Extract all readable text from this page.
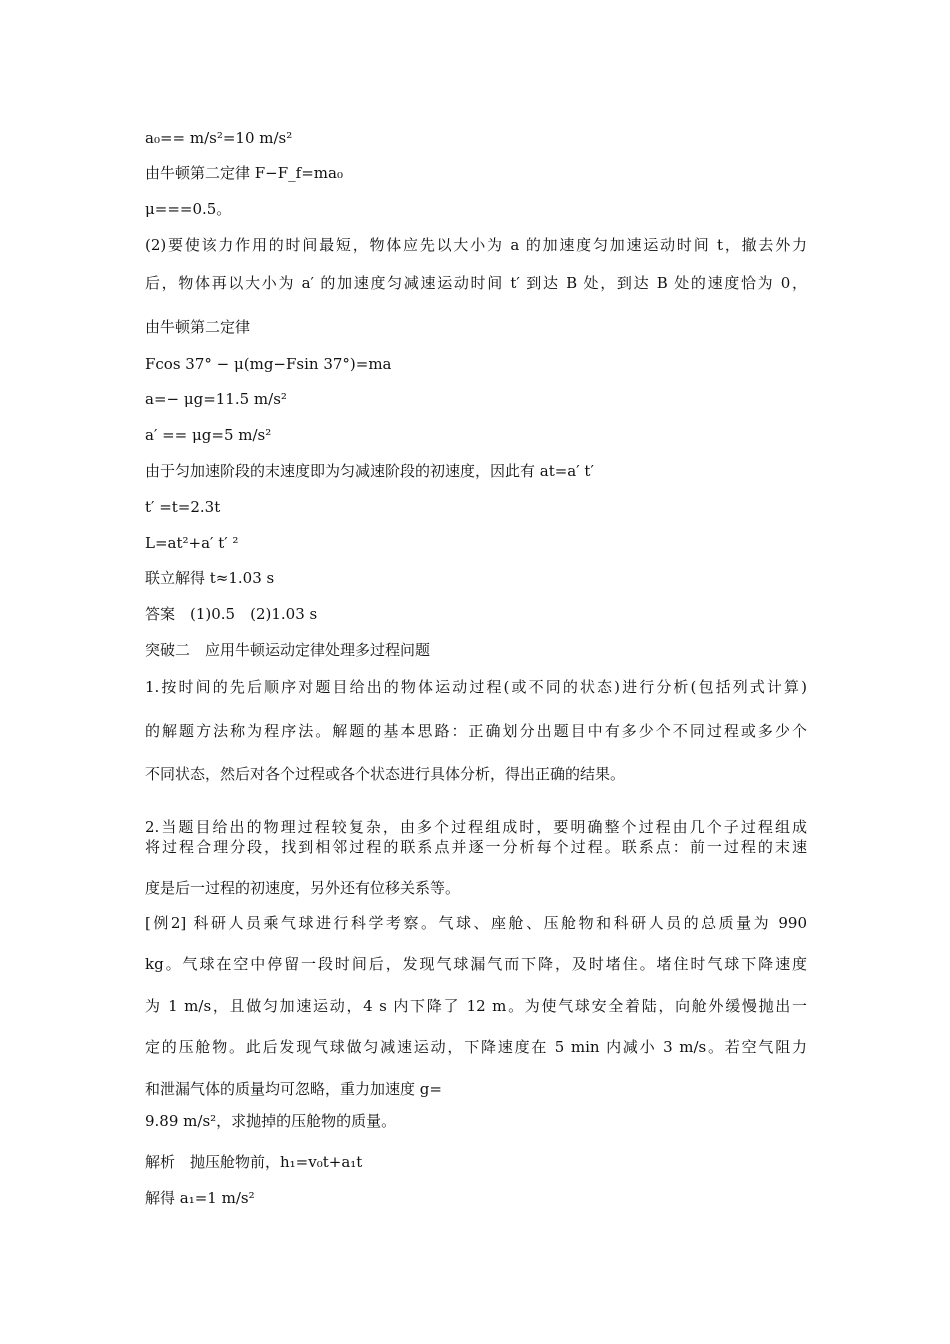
a₀== m/s²=10 m/s²
由牛顿第二定律 F−F_f=ma₀
μ===0.5。
(2)要使该力作用的时间最短，物体应先以大小为 a 的加速度匀加速运动时间 t，撤去外力
后，物体再以大小为 a′ 的加速度匀减速运动时间 t′ 到达 B 处，到达 B 处的速度恰为 0，
由牛顿第二定律
Fcos 37° − μ(mg−Fsin 37°)=ma
a=− μg=11.5 m/s²
a′ == μg=5 m/s²
由于匀加速阶段的末速度即为匀减速阶段的初速度，因此有 at=a′ t′
t′ =t=2.3t
L=at²+a′ t′ ²
联立解得 t≈1.03 s
答案　(1)0.5　(2)1.03 s
突破二　应用牛顿运动定律处理多过程问题
1.按时间的先后顺序对题目给出的物体运动过程(或不同的状态)进行分析(包括列式计算)
的解题方法称为程序法。解题的基本思路：正确划分出题目中有多少个不同过程或多少个
不同状态，然后对各个过程或各个状态进行具体分析，得出正确的结果。
2.当题目给出的物理过程较复杂，由多个过程组成时，要明确整个过程由几个子过程组成
将过程合理分段，找到相邻过程的联系点并逐一分析每个过程。联系点：前一过程的末速
度是后一过程的初速度，另外还有位移关系等。
[例2] 科研人员乘气球进行科学考察。气球、座舱、压舱物和科研人员的总质量为 990
kg。气球在空中停留一段时间后，发现气球漏气而下降，及时堵住。堵住时气球下降速度
为 1 m/s，且做匀加速运动，4 s 内下降了 12 m。为使气球安全着陆，向舱外缓慢抛出一
定的压舱物。此后发现气球做匀减速运动，下降速度在 5 min 内减小 3 m/s。若空气阻力
和泄漏气体的质量均可忽略，重力加速度 g=
9.89 m/s²，求抛掉的压舱物的质量。
解析　抛压舱物前，h₁=v₀t+a₁t
解得 a₁=1 m/s²
